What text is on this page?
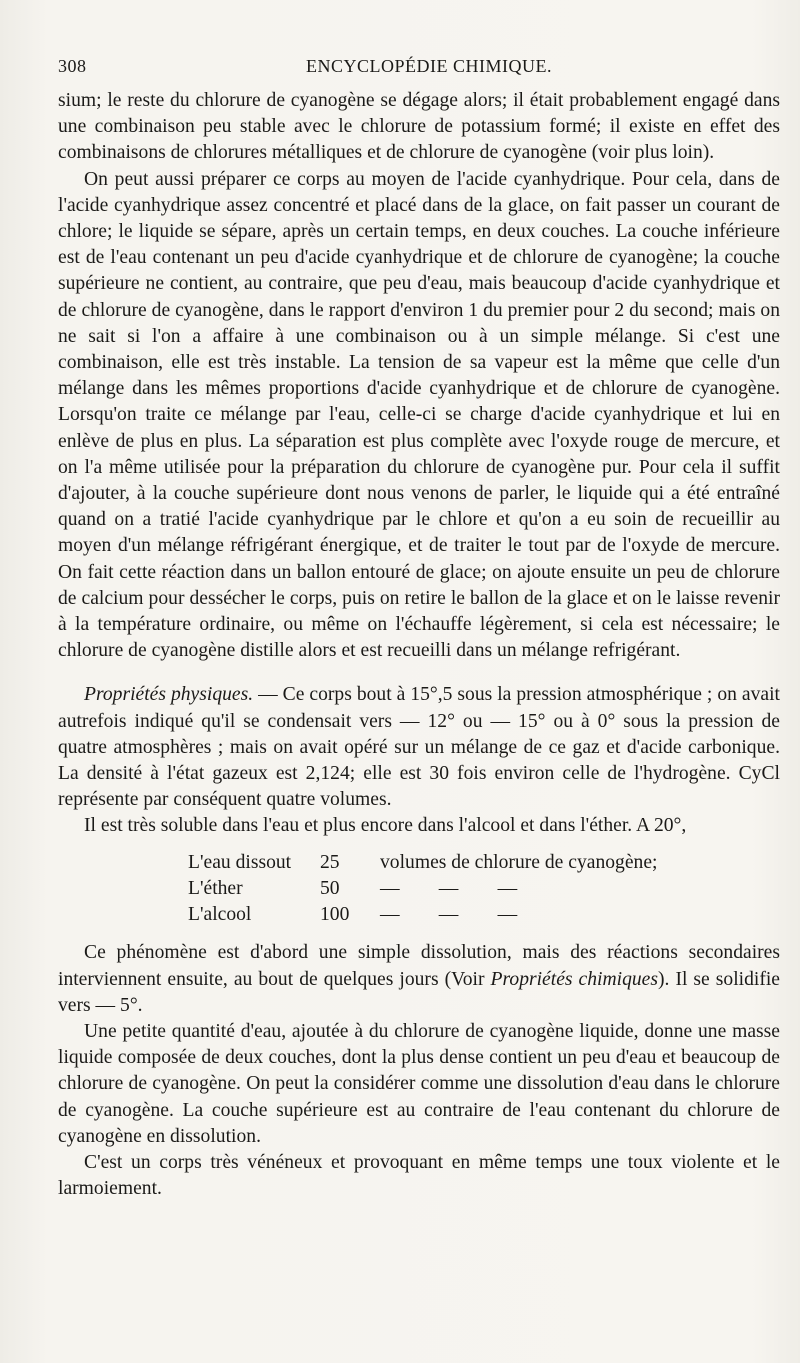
308	ENCYCLOPÉDIE CHIMIQUE.

sium; le reste du chlorure de cyanogène se dégage alors; il était probablement engagé dans une combinaison peu stable avec le chlorure de potassium formé; il existe en effet des combinaisons de chlorures métalliques et de chlorure de cyanogène (voir plus loin).

On peut aussi préparer ce corps au moyen de l'acide cyanhydrique. Pour cela, dans de l'acide cyanhydrique assez concentré et placé dans de la glace, on fait passer un courant de chlore; le liquide se sépare, après un certain temps, en deux couches. La couche inférieure est de l'eau contenant un peu d'acide cyanhydrique et de chlorure de cyanogène; la couche supérieure ne contient, au contraire, que peu d'eau, mais beaucoup d'acide cyanhydrique et de chlorure de cyanogène, dans le rapport d'environ 1 du premier pour 2 du second; mais on ne sait si l'on a affaire à une combinaison ou à un simple mélange. Si c'est une combinaison, elle est très instable. La tension de sa vapeur est la même que celle d'un mélange dans les mêmes proportions d'acide cyanhydrique et de chlorure de cyanogène. Lorsqu'on traite ce mélange par l'eau, celle-ci se charge d'acide cyanhydrique et lui en enlève de plus en plus. La séparation est plus complète avec l'oxyde rouge de mercure, et on l'a même utilisée pour la préparation du chlorure de cyanogène pur. Pour cela il suffit d'ajouter, à la couche supérieure dont nous venons de parler, le liquide qui a été entraîné quand on a tratié l'acide cyanhydrique par le chlore et qu'on a eu soin de recueillir au moyen d'un mélange réfrigérant énergique, et de traiter le tout par de l'oxyde de mercure. On fait cette réaction dans un ballon entouré de glace; on ajoute ensuite un peu de chlorure de calcium pour dessécher le corps, puis on retire le ballon de la glace et on le laisse revenir à la température ordinaire, ou même on l'échauffe légèrement, si cela est nécessaire; le chlorure de cyanogène distille alors et est recueilli dans un mélange refrigérant.

Propriétés physiques. — Ce corps bout à 15°,5 sous la pression atmosphérique ; on avait autrefois indiqué qu'il se condensait vers — 12° ou — 15° ou à 0° sous la pression de quatre atmosphères ; mais on avait opéré sur un mélange de ce gaz et d'acide carbonique. La densité à l'état gazeux est 2,124; elle est 30 fois environ celle de l'hydrogène. CyCl représente par conséquent quatre volumes.

Il est très soluble dans l'eau et plus encore dans l'alcool et dans l'éther. A 20°,

L'eau dissout	25	volumes de chlorure de cyanogène;
L'éther	50	—        —        —
L'alcool	100	—        —        —

Ce phénomène est d'abord une simple dissolution, mais des réactions secondaires interviennent ensuite, au bout de quelques jours (Voir Propriétés chimiques). Il se solidifie vers — 5°.

Une petite quantité d'eau, ajoutée à du chlorure de cyanogène liquide, donne une masse liquide composée de deux couches, dont la plus dense contient un peu d'eau et beaucoup de chlorure de cyanogène. On peut la considérer comme une dissolution d'eau dans le chlorure de cyanogène. La couche supérieure est au contraire de l'eau contenant du chlorure de cyanogène en dissolution.

C'est un corps très vénéneux et provoquant en même temps une toux violente et le larmoiement.
